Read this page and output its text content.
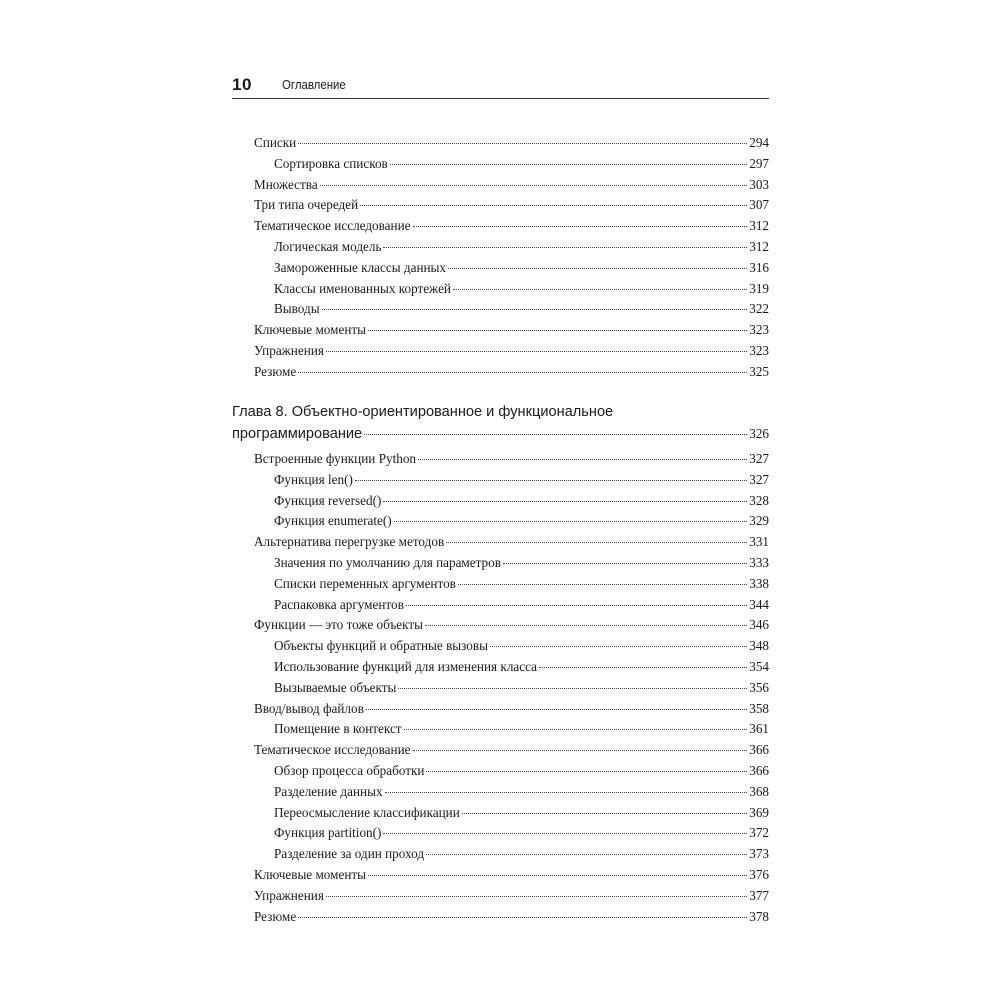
10 Оглавление
Списки	294
Сортировка списков	297
Множества	303
Три типа очередей	307
Тематическое исследование	312
Логическая модель	312
Замороженные классы данных	316
Классы именованных кортежей	319
Выводы	322
Ключевые моменты	323
Упражнения	323
Резюме	325
Глава 8. Объектно-ориентированное и функциональное
программирование	326
Встроенные функции Python	327
Функция len()	327
Функция reversed()	328
Функция enumerate()	329
Альтернатива перегрузке методов	331
Значения по умолчанию для параметров	333
Списки переменных аргументов	338
Распаковка аргументов	344
Функции — это тоже объекты	346
Объекты функций и обратные вызовы	348
Использование функций для изменения класса	354
Вызываемые объекты	356
Ввод/вывод файлов	358
Помещение в контекст	361
Тематическое исследование	366
Обзор процесса обработки	366
Разделение данных	368
Переосмысление классификации	369
Функция partition()	372
Разделение за один проход	373
Ключевые моменты	376
Упражнения	377
Резюме	378
